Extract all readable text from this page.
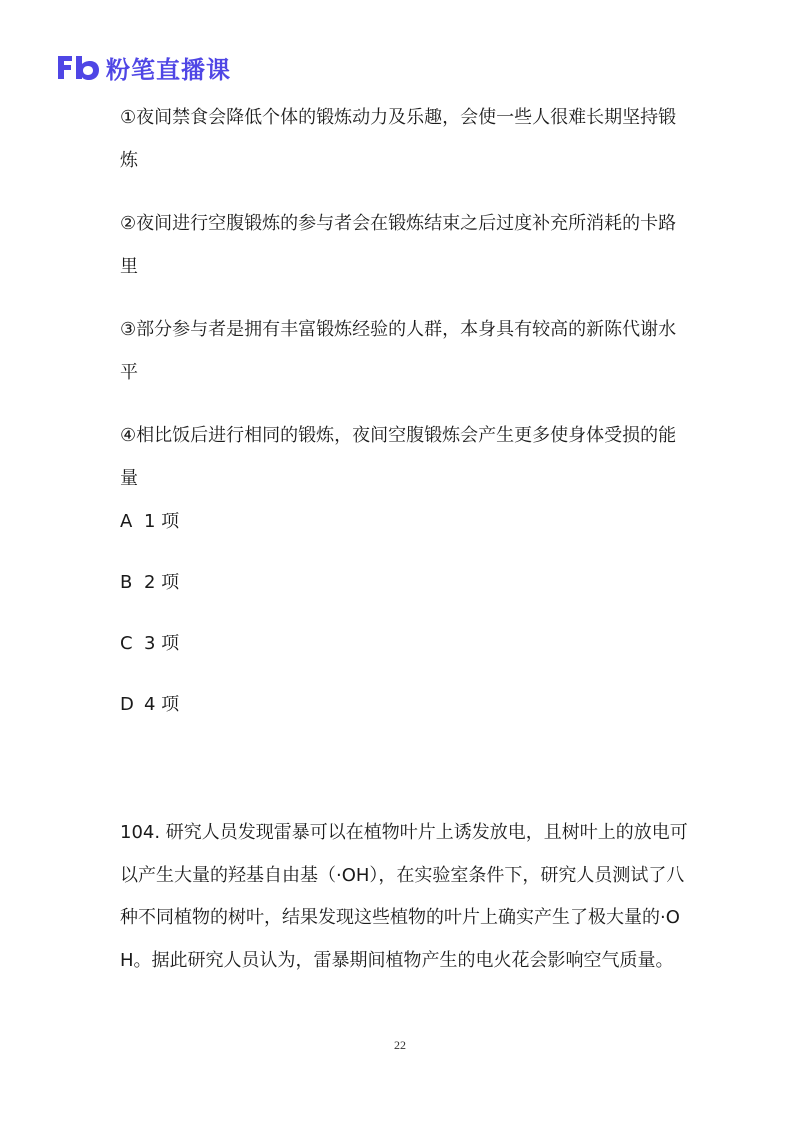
粉笔直播课

①夜间禁食会降低个体的锻炼动力及乐趣，会使一些人很难长期坚持锻炼

②夜间进行空腹锻炼的参与者会在锻炼结束之后过度补充所消耗的卡路里

③部分参与者是拥有丰富锻炼经验的人群，本身具有较高的新陈代谢水平

④相比饭后进行相同的锻炼，夜间空腹锻炼会产生更多使身体受损的能量

A 1 项

B 2 项

C 3 项

D 4 项

104. 研究人员发现雷暴可以在植物叶片上诱发放电，且树叶上的放电可以产生大量的羟基自由基（·OH），在实验室条件下，研究人员测试了八种不同植物的树叶，结果发现这些植物的叶片上确实产生了极大量的·OH。据此研究人员认为，雷暴期间植物产生的电火花会影响空气质量。

22
